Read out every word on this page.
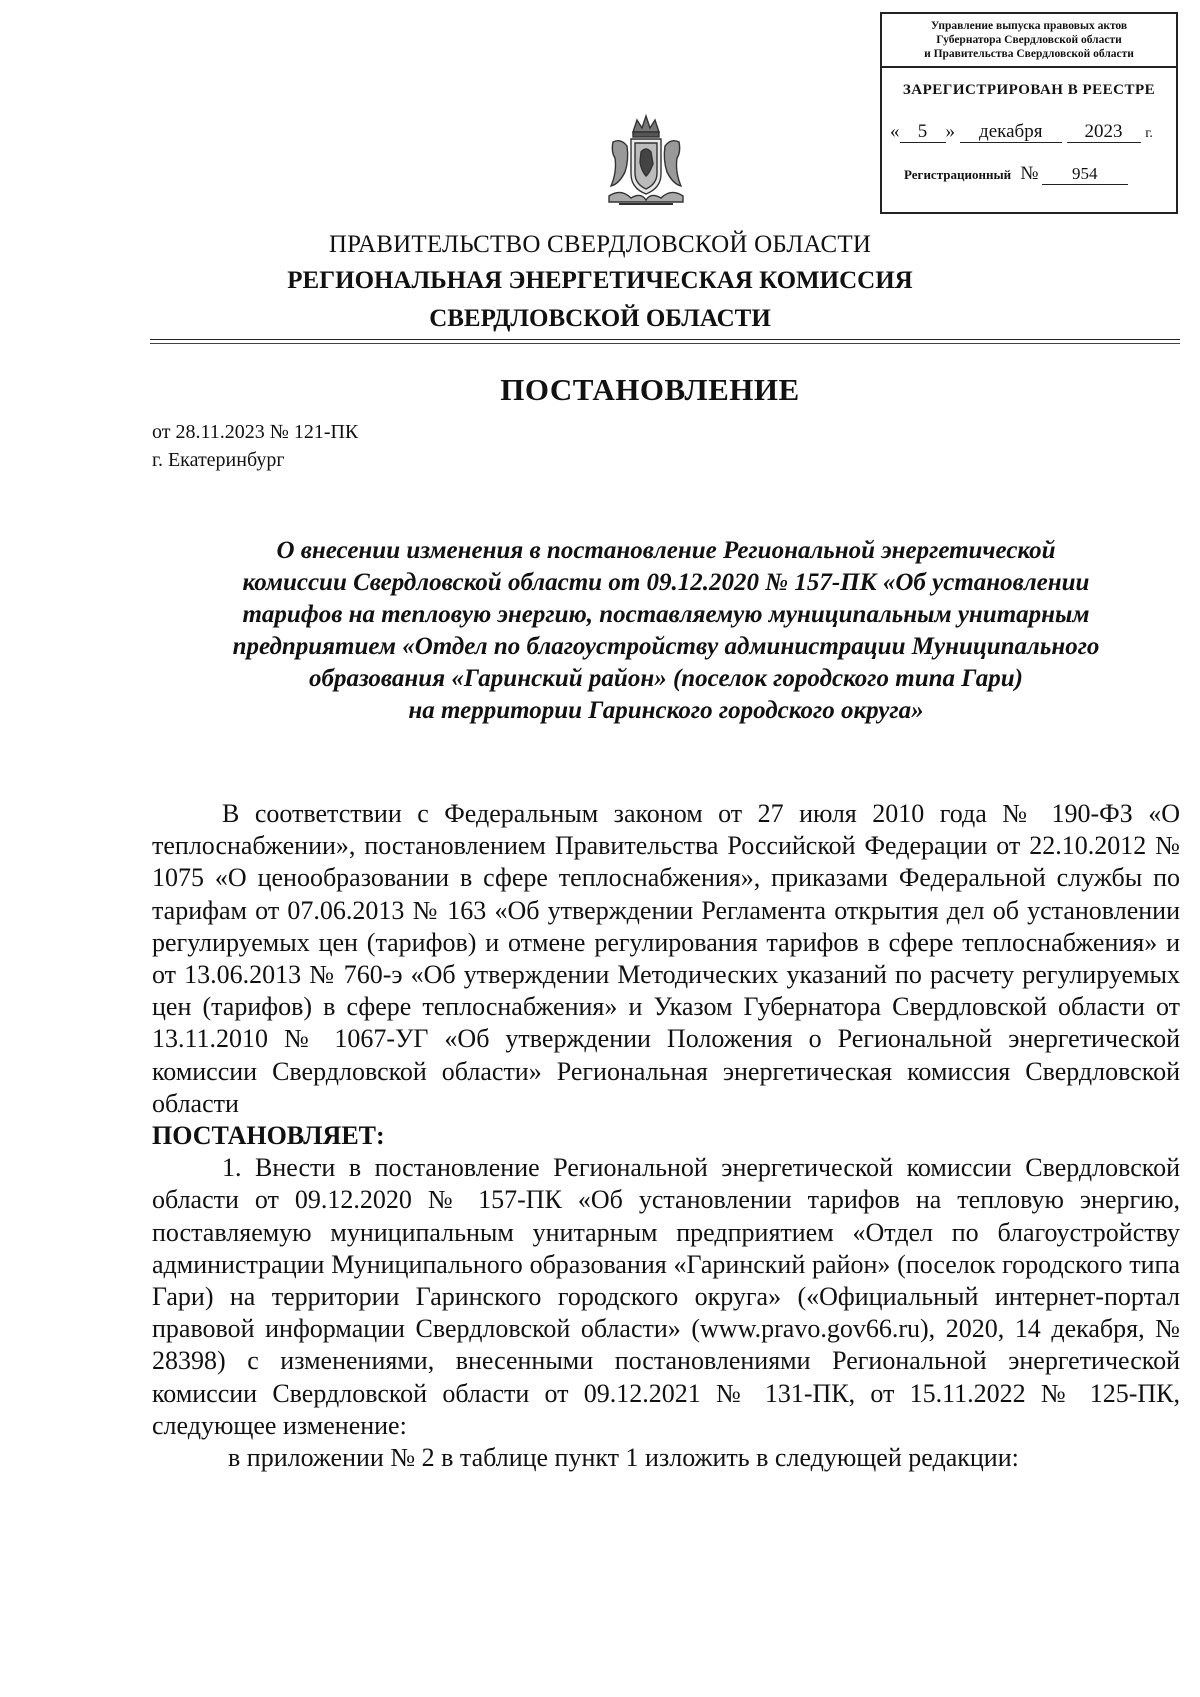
Управление выпуска правовых актов
Губернатора Свердловской области
и Правительства Свердловской области
ЗАРЕГИСТРИРОВАН В РЕЕСТРЕ
« 5 » декабря 2023 г.
Регистрационный № 954
ПРАВИТЕЛЬСТВО СВЕРДЛОВСКОЙ ОБЛАСТИ
РЕГИОНАЛЬНАЯ ЭНЕРГЕТИЧЕСКАЯ КОМИССИЯ
СВЕРДЛОВСКОЙ ОБЛАСТИ
ПОСТАНОВЛЕНИЕ
от 28.11.2023 № 121-ПК
г. Екатеринбург
О внесении изменения в постановление Региональной энергетической
комиссии Свердловской области от 09.12.2020 № 157-ПК «Об установлении
тарифов на тепловую энергию, поставляемую муниципальным унитарным
предприятием «Отдел по благоустройству администрации Муниципального
образования «Гаринский район» (поселок городского типа Гари)
на территории Гаринского городского округа»

В соответствии с Федеральным законом от 27 июля 2010 года № 190-ФЗ «О теплоснабжении», постановлением Правительства Российской Федерации от 22.10.2012 № 1075 «О ценообразовании в сфере теплоснабжения», приказами Федеральной службы по тарифам от 07.06.2013 № 163 «Об утверждении Регламента открытия дел об установлении регулируемых цен (тарифов) и отмене регулирования тарифов в сфере теплоснабжения» и от 13.06.2013 № 760-э «Об утверждении Методических указаний по расчету регулируемых цен (тарифов) в сфере теплоснабжения» и Указом Губернатора Свердловской области от 13.11.2010 № 1067-УГ «Об утверждении Положения о Региональной энергетической комиссии Свердловской области» Региональная энергетическая комиссия Свердловской области

ПОСТАНОВЛЯЕТ:

1. Внести в постановление Региональной энергетической комиссии Свердловской области от 09.12.2020 № 157-ПК «Об установлении тарифов на тепловую энергию, поставляемую муниципальным унитарным предприятием «Отдел по благоустройству администрации Муниципального образования «Гаринский район» (поселок городского типа Гари) на территории Гаринского городского округа» («Официальный интернет-портал правовой информации Свердловской области» (www.pravo.gov66.ru), 2020, 14 декабря, № 28398) с изменениями, внесенными постановлениями Региональной энергетической комиссии Свердловской области от 09.12.2021 № 131-ПК, от 15.11.2022 № 125-ПК, следующее изменение:

в приложении № 2 в таблице пункт 1 изложить в следующей редакции:
